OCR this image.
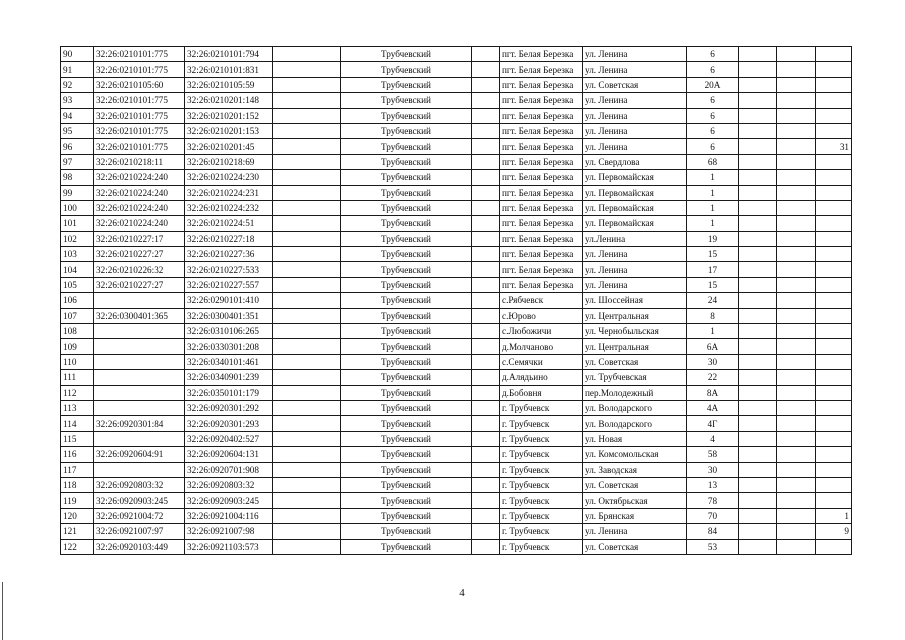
90	32:26:0210101:775	32:26:0210101:794		Трубчевский		пгт. Белая Березка	ул. Ленина	6			
91	32:26:0210101:775	32:26:0210101:831		Трубчевский		пгт. Белая Березка	ул. Ленина	6			
92	32:26:0210105:60	32:26:0210105:59		Трубчевский		пгт. Белая Березка	ул. Советская	20А			
93	32:26:0210101:775	32:26:0210201:148		Трубчевский		пгт. Белая Березка	ул. Ленина	6			
94	32:26:0210101:775	32:26:0210201:152		Трубчевский		пгт. Белая Березка	ул. Ленина	6			
95	32:26:0210101:775	32:26:0210201:153		Трубчевский		пгт. Белая Березка	ул. Ленина	6			
96	32:26:0210101:775	32:26:0210201:45		Трубчевский		пгт. Белая Березка	ул. Ленина	6			31
97	32:26:0210218:11	32:26:0210218:69		Трубчевский		пгт. Белая Березка	ул. Свердлова	68			
98	32:26:0210224:240	32:26:0210224:230		Трубчевский		пгт. Белая Березка	ул. Первомайская	1			
99	32:26:0210224:240	32:26:0210224:231		Трубчевский		пгт. Белая Березка	ул. Первомайская	1			
100	32:26:0210224:240	32:26:0210224:232		Трубчевский		пгт. Белая Березка	ул. Первомайская	1			
101	32:26:0210224:240	32:26:0210224:51		Трубчевский		пгт. Белая Березка	ул. Первомайская	1			
102	32:26:0210227:17	32:26:0210227:18		Трубчевский		пгт. Белая Березка	ул.Ленина	19			
103	32:26:0210227:27	32:26:0210227:36		Трубчевский		пгт. Белая Березка	ул. Ленина	15			
104	32:26:0210226:32	32:26:0210227:533		Трубчевский		пгт. Белая Березка	ул. Ленина	17			
105	32:26:0210227:27	32:26:0210227:557		Трубчевский		пгт. Белая Березка	ул. Ленина	15			
106		32:26:0290101:410		Трубчевский		с.Рябчевск	ул. Шоссейная	24			
107	32:26:0300401:365	32:26:0300401:351		Трубчевский		с.Юрово	ул. Центральная	8			
108		32:26:0310106:265		Трубчевский		с.Любожичи	ул. Чернобыльская	1			
109		32:26:0330301:208		Трубчевский		д.Молчаново	ул. Центральная	6А			
110		32:26:0340101:461		Трубчевский		с.Семячки	ул. Советская	30			
111		32:26:0340901:239		Трубчевский		д.Алядьино	ул. Трубчевская	22			
112		32:26:0350101:179		Трубчевский		д.Бобовня	пер.Молодежный	8А			
113		32:26:0920301:292		Трубчевский		г. Трубчевск	ул. Володарского	4А			
114	32:26:0920301:84	32:26:0920301:293		Трубчевский		г. Трубчевск	ул. Володарского	4Г			
115		32:26:0920402:527		Трубчевский		г. Трубчевск	ул. Новая	4			
116	32:26:0920604:91	32:26:0920604:131		Трубчевский		г. Трубчевск	ул. Комсомольская	58			
117		32:26:0920701:908		Трубчевский		г. Трубчевск	ул. Заводская	30			
118	32:26:0920803:32	32:26:0920803:32		Трубчевский		г. Трубчевск	ул. Советская	13			
119	32:26:0920903:245	32:26:0920903:245		Трубчевский		г. Трубчевск	ул. Октябрьская	78			
120	32:26:0921004:72	32:26:0921004:116		Трубчевский		г. Трубчевск	ул. Брянская	70			1
121	32:26:0921007:97	32:26:0921007:98		Трубчевский		г. Трубчевск	ул. Ленина	84			9
122	32:26:0920103:449	32:26:0921103:573		Трубчевский		г. Трубчевск	ул. Советская	53			
4
